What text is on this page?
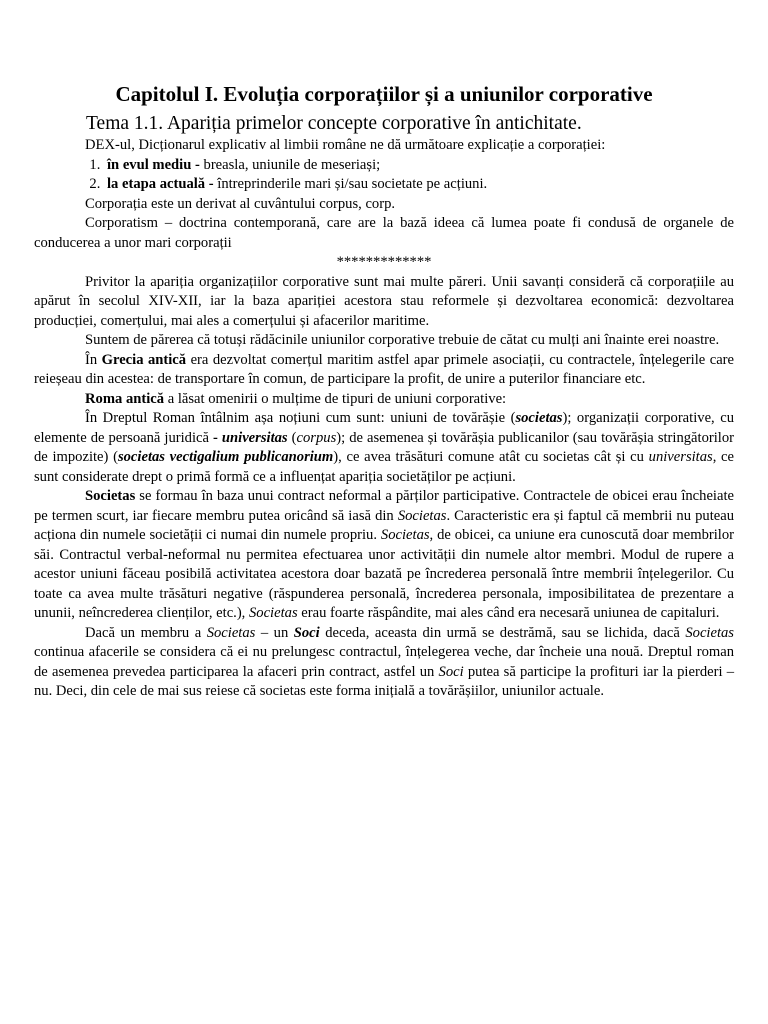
Capitolul I. Evoluția corporațiilor și a uniunilor corporative

Tema 1.1. Apariția primelor concepte corporative în antichitate.

DEX-ul, Dicționarul explicativ al limbii române ne dă următoare explicație a corporației:

1. în evul mediu - breasla, uniunile de meseriași;
2. la etapa actuală - întreprinderile mari și/sau societate pe acțiuni.

Corporația este un derivat al cuvântului corpus, corp.

Corporatism – doctrina contemporană, care are la bază ideea că lumea poate fi condusă de organele de conducerea a unor mari corporații

*************

Privitor la apariția organizațiilor corporative sunt mai multe păreri. Unii savanți consideră că corporațiile au apărut în secolul XIV-XII, iar la baza apariției acestora stau reformele și dezvoltarea economică: dezvoltarea producției, comerțului, mai ales a comerțului și afacerilor maritime.

Suntem de părerea că totuși rădăcinile uniunilor corporative trebuie de cătat cu mulți ani înainte erei noastre.

În Grecia antică era dezvoltat comerțul maritim astfel apar primele asociații, cu contractele, înțelegerile care reieșeau din acestea: de transportare în comun, de participare la profit, de unire a puterilor financiare etc.

Roma antică a lăsat omenirii o mulțime de tipuri de uniuni corporative:

În Dreptul Roman întâlnim așa noțiuni cum sunt: uniuni de tovărășie (societas); organizații corporative, cu elemente de persoană juridică - universitas (corpus); de asemenea și tovărășia publicanilor (sau tovărășia stringătorilor de impozite) (societas vectigalium publicanorium), ce avea trăsături comune atât cu societas cât și cu universitas, ce sunt considerate drept o primă formă ce a influențat apariția societăților pe acțiuni.

Societas se formau în baza unui contract neformal a părților participative. Contractele de obicei erau încheiate pe termen scurt, iar fiecare membru putea oricând să iasă din Societas. Caracteristic era și faptul că membrii nu puteau acționa din numele societății ci numai din numele propriu. Societas, de obicei, ca uniune era cunoscută doar membrilor săi. Contractul verbal-neformal nu permitea efectuarea unor activității din numele altor membri. Modul de rupere a acestor uniuni făceau posibilă activitatea acestora doar bazată pe încrederea personală între membrii înțelegerilor. Cu toate ca avea multe trăsături negative (răspunderea personală, încrederea personala, imposibilitatea de prezentare a ununii, neîncrederea clienților, etc.), Societas erau foarte răspândite, mai ales când era necesară uniunea de capitaluri.

Dacă un membru a Societas – un Soci deceda, aceasta din urmă se destrămă, sau se lichida, dacă Societas continua afacerile se considera că ei nu prelungesc contractul, înțelegerea veche, dar încheie una nouă. Dreptul roman de asemenea prevedea participarea la afaceri prin contract, astfel un Soci putea să participe la profituri iar la pierderi – nu. Deci, din cele de mai sus reiese că societas este forma inițială a tovărășiilor, uniunilor actuale.
